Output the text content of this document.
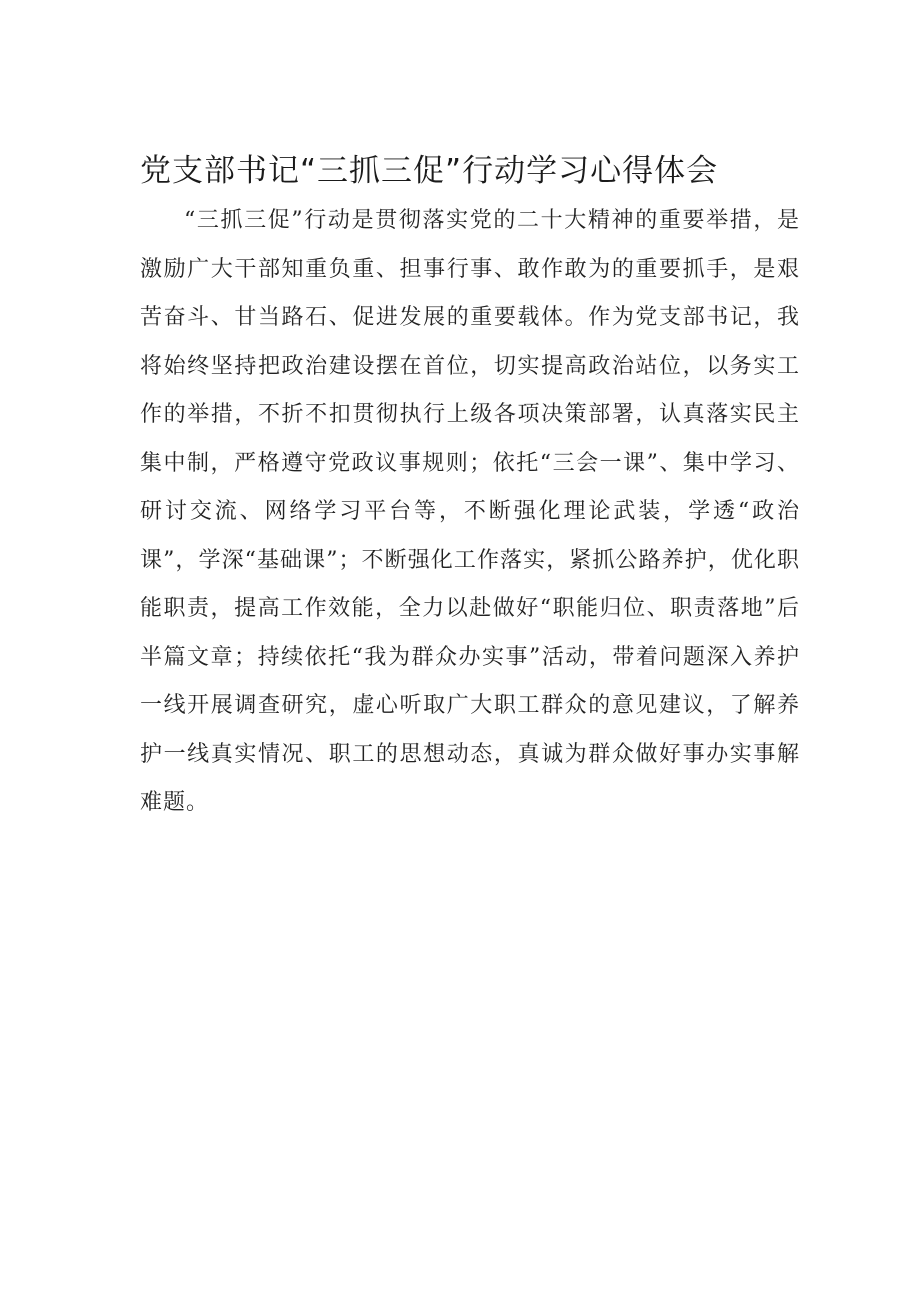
党支部书记“三抓三促”行动学习心得体会

“三抓三促”行动是贯彻落实党的二十大精神的重要举措，是激励广大干部知重负重、担事行事、敢作敢为的重要抓手，是艰苦奋斗、甘当路石、促进发展的重要载体。作为党支部书记，我将始终坚持把政治建设摆在首位，切实提高政治站位，以务实工作的举措，不折不扣贯彻执行上级各项决策部署，认真落实民主集中制，严格遵守党政议事规则；依托“三会一课”、集中学习、研讨交流、网络学习平台等，不断强化理论武装，学透“政治课”，学深“基础课”；不断强化工作落实，紧抓公路养护，优化职能职责，提高工作效能，全力以赴做好“职能归位、职责落地”后半篇文章；持续依托“我为群众办实事”活动，带着问题深入养护一线开展调查研究，虚心听取广大职工群众的意见建议，了解养护一线真实情况、职工的思想动态，真诚为群众做好事办实事解难题。
